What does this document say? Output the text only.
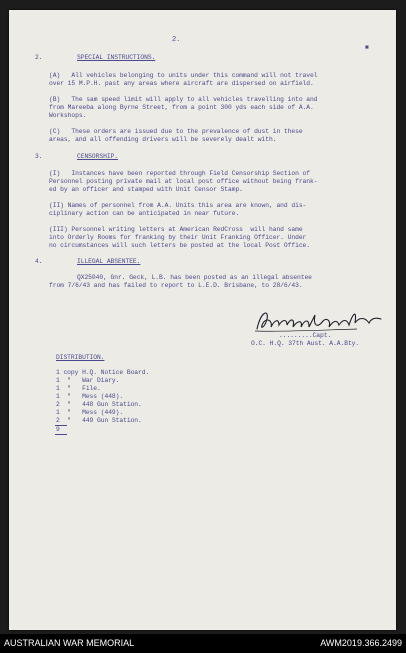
2.
2.	SPECIAL INSTRUCTIONS.
■
(A)   All vehicles belonging to units under this command will not travel
over 15 M.P.H. past any areas where aircraft are dispersed on airfield.
(B)   The sam speed limit will apply to all vehicles travelling into and
from Mareeba along Byrne Street, from a point 300 yds each side of A.A.
Workshops.
(C)   These orders are issued due to the prevalence of dust in these
areas, and all offending drivers will be severely dealt with.
3.	CENSORSHIP.
(I)   Instances have been reported through Field Censorship Section of
Personnel posting private mail at local post office without being frank-
ed by an officer and stamped with Unit Censor Stamp.
(II) Names of personnel from A.A. Units this area are known, and dis-
ciplinary action can be anticipated in near future.
(III) Personnel writing letters at American RedCross  will hand same
into Orderly Rooms for franking by their Unit Franking Officer. Under
no circumstances will such letters be posted at the local Post Office.
4.	ILLEGAL ABSENTEE.
QX25040, Gnr. Geck, L.B. has been posted as an illegal absentee
from 7/6/43 and has failed to report to L.E.D. Brisbane, to 28/6/43.
.........Capt.
O.C. H.Q. 37th Aust. A.A.Bty.
DISTRIBUTION.
1 copy H.Q. Notice Board.
1  "   War Diary.
1  "   File.
1  "   Mess (448).
2  "   448 Gun Station.
1  "   Mess (449).
2  "   449 Gun Station.
9
AUSTRALIAN WAR MEMORIAL	AWM2019.366.2499
